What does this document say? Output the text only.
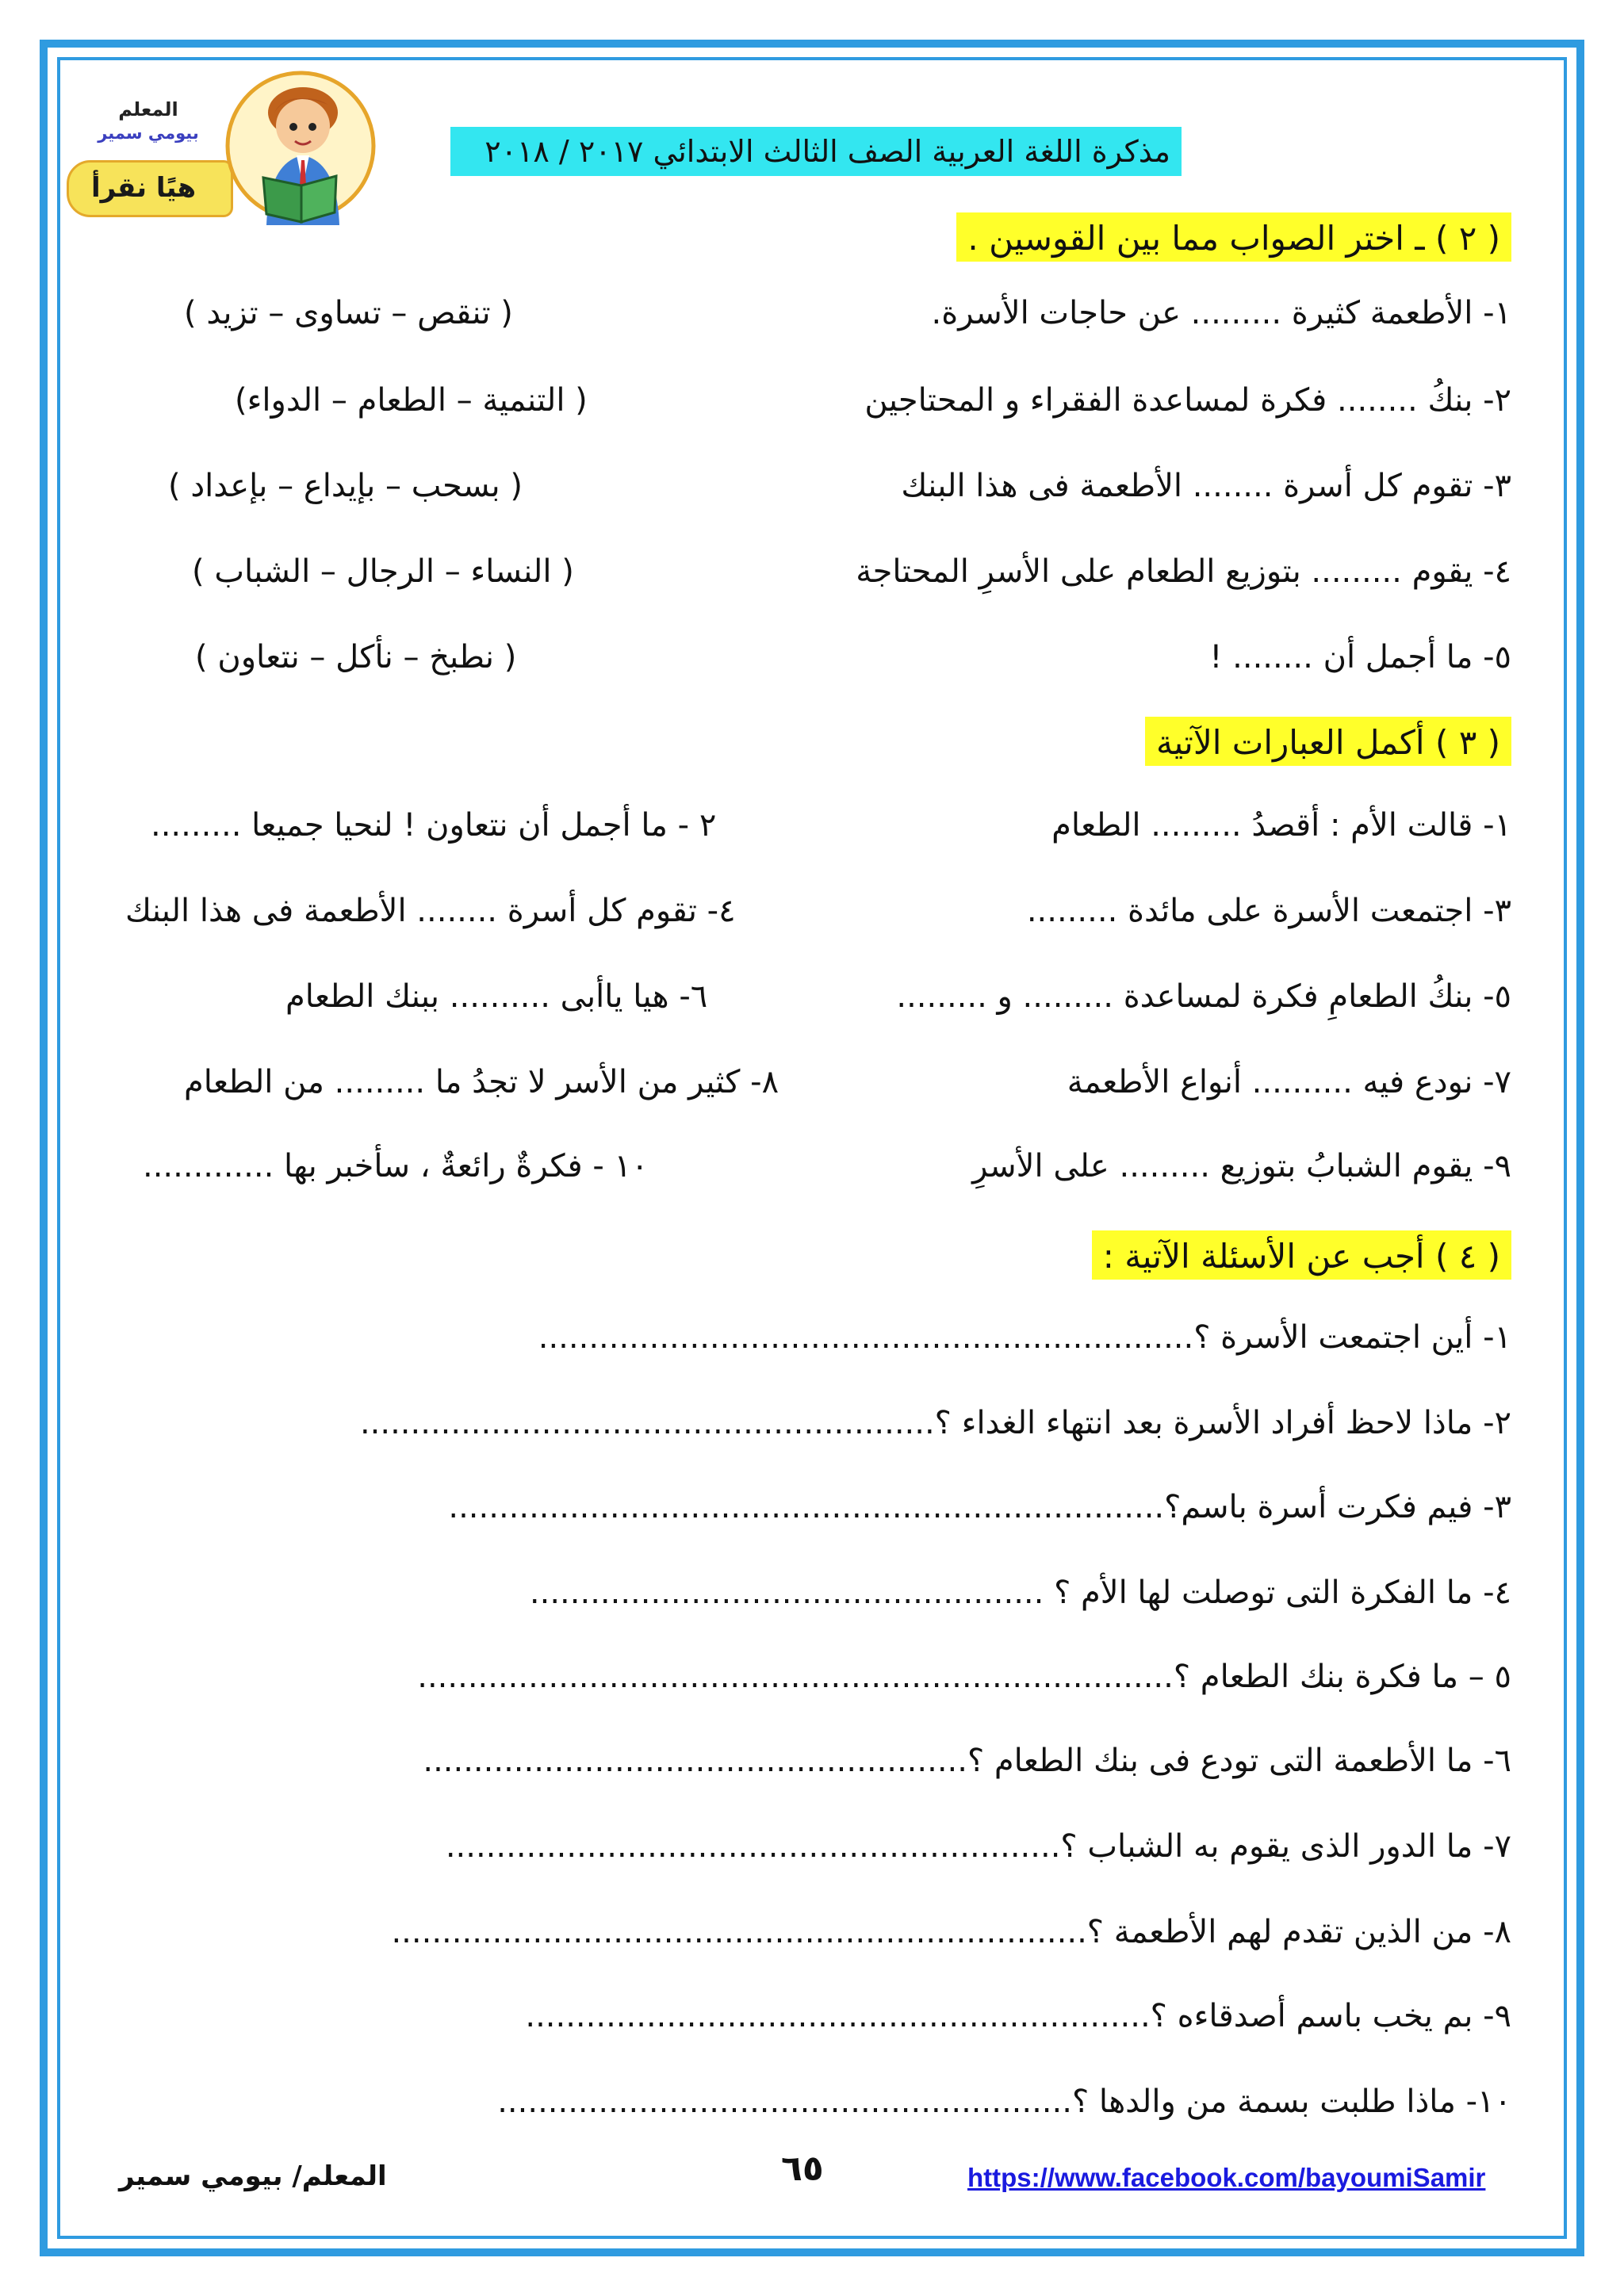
المعلم
بيومي سمير
هيًا نقرأ
مذكرة اللغة العربية الصف الثالث الابتدائي ٢٠١٧ / ٢٠١٨
( ٢ ) ـ اختر الصواب مما بين القوسين .
١- الأطعمة كثيرة ......... عن حاجات الأسرة.
( تنقص – تساوى – تزيد )
٢- بنكُ ........ فكرة لمساعدة الفقراء و المحتاجين
( التنمية – الطعام – الدواء)
٣- تقوم كل أسرة ........ الأطعمة فى هذا البنك
( بسحب – بإيداع – بإعداد )
٤- يقوم ......... بتوزيع الطعام على الأسرِ المحتاجة
( النساء – الرجال – الشباب )
٥- ما أجمل أن ........ !
( نطبخ – نأكل – نتعاون )
( ٣ ) أكمل العبارات الآتية
١- قالت الأم : أقصدُ ......... الطعام
٢ - ما أجمل أن نتعاون ! لنحيا جميعا .........
٣- اجتمعت الأسرة على مائدة .........
٤- تقوم كل أسرة ........ الأطعمة فى هذا البنك
٥- بنكُ الطعامِ فكرة لمساعدة ......... و .........
٦- هيا ياأبى .......... ببنك الطعام
٧- نودع فيه .......... أنواع الأطعمة
٨- كثير من الأسر لا تجدُ ما ......... من الطعام
٩- يقوم الشبابُ بتوزيع ......... على الأسرِ
١٠ - فكرةٌ رائعةٌ ، سأخبر بها .............
( ٤ ) أجب عن الأسئلة الآتية :
١- أين اجتمعت الأسرة ؟.................................................................
٢- ماذا لاحظ أفراد الأسرة بعد انتهاء الغداء ؟.........................................................
٣- فيم فكرت أسرة باسم؟.......................................................................
٤- ما الفكرة التى توصلت لها الأم ؟ ...................................................
٥ – ما فكرة بنك الطعام ؟...........................................................................
٦- ما الأطعمة التى تودع فى بنك الطعام ؟......................................................
٧- ما الدور الذى يقوم به الشباب ؟.............................................................
٨- من الذين تقدم لهم الأطعمة ؟.....................................................................
٩- بم يخب باسم أصدقاءه ؟..............................................................
١٠- ماذا طلبت بسمة من والدها ؟.........................................................
https://www.facebook.com/bayoumiSamir
٦٥
المعلم/ بيومي سمير
